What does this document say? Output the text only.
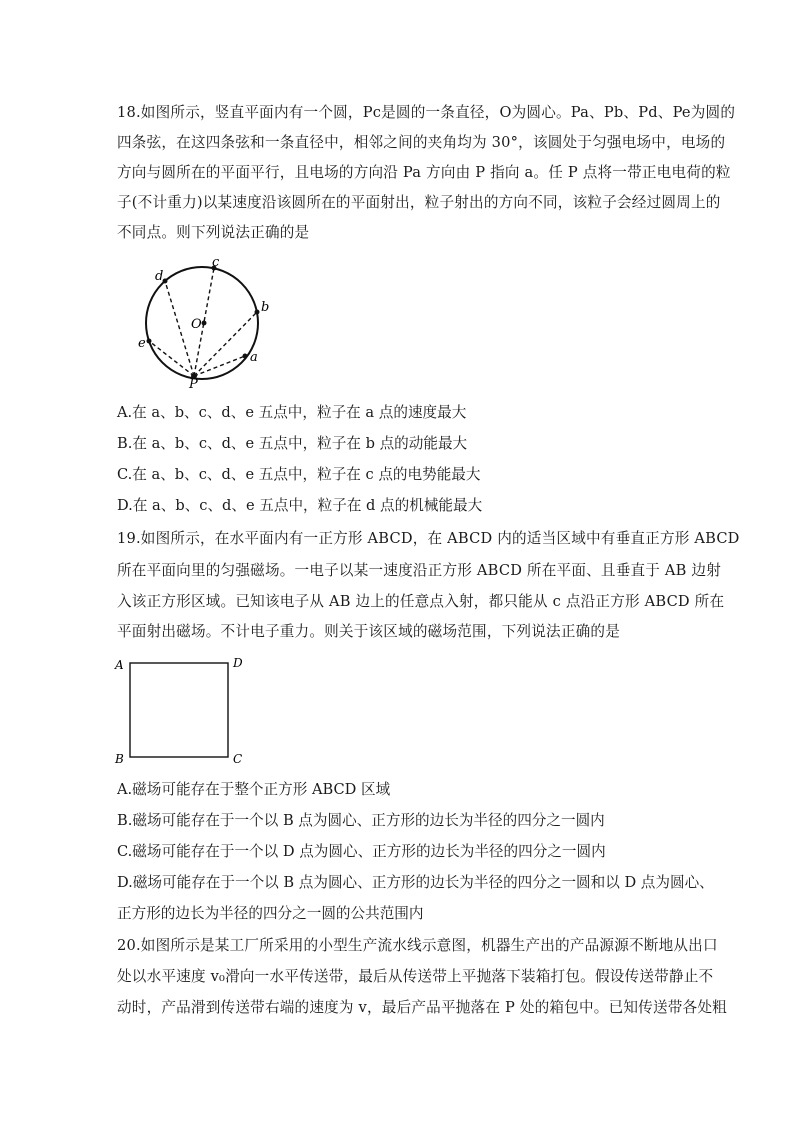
18.如图所示，竖直平面内有一个圆，Pc是圆的一条直径，O为圆心。Pa、Pb、Pd、Pe为圆的
四条弦，在这四条弦和一条直径中，相邻之间的夹角均为 30°，该圆处于匀强电场中，电场的
方向与圆所在的平面平行，且电场的方向沿 Pa 方向由 P 指向 a。任 P 点将一带正电电荷的粒
子(不计重力)以某速度沿该圆所在的平面射出，粒子射出的方向不同，该粒子会经过圆周上的
不同点。则下列说法正确的是
c
d
b
O
e
a
P
A.在 a、b、c、d、e 五点中，粒子在 a 点的速度最大
B.在 a、b、c、d、e 五点中，粒子在 b 点的动能最大
C.在 a、b、c、d、e 五点中，粒子在 c 点的电势能最大
D.在 a、b、c、d、e 五点中，粒子在 d 点的机械能最大
19.如图所示，在水平面内有一正方形 ABCD，在 ABCD 内的适当区域中有垂直正方形 ABCD
所在平面向里的匀强磁场。一电子以某一速度沿正方形 ABCD 所在平面、且垂直于 AB 边射
入该正方形区域。已知该电子从 AB 边上的任意点入射，都只能从 c 点沿正方形 ABCD 所在
平面射出磁场。不计电子重力。则关于该区域的磁场范围，下列说法正确的是
A	D
B	C
A.磁场可能存在于整个正方形 ABCD 区域
B.磁场可能存在于一个以 B 点为圆心、正方形的边长为半径的四分之一圆内
C.磁场可能存在于一个以 D 点为圆心、正方形的边长为半径的四分之一圆内
D.磁场可能存在于一个以 B 点为圆心、正方形的边长为半径的四分之一圆和以 D 点为圆心、
正方形的边长为半径的四分之一圆的公共范围内
20.如图所示是某工厂所采用的小型生产流水线示意图，机器生产出的产品源源不断地从出口
处以水平速度 v₀滑向一水平传送带，最后从传送带上平抛落下装箱打包。假设传送带静止不
动时，产品滑到传送带右端的速度为 v，最后产品平抛落在 P 处的箱包中。已知传送带各处粗
